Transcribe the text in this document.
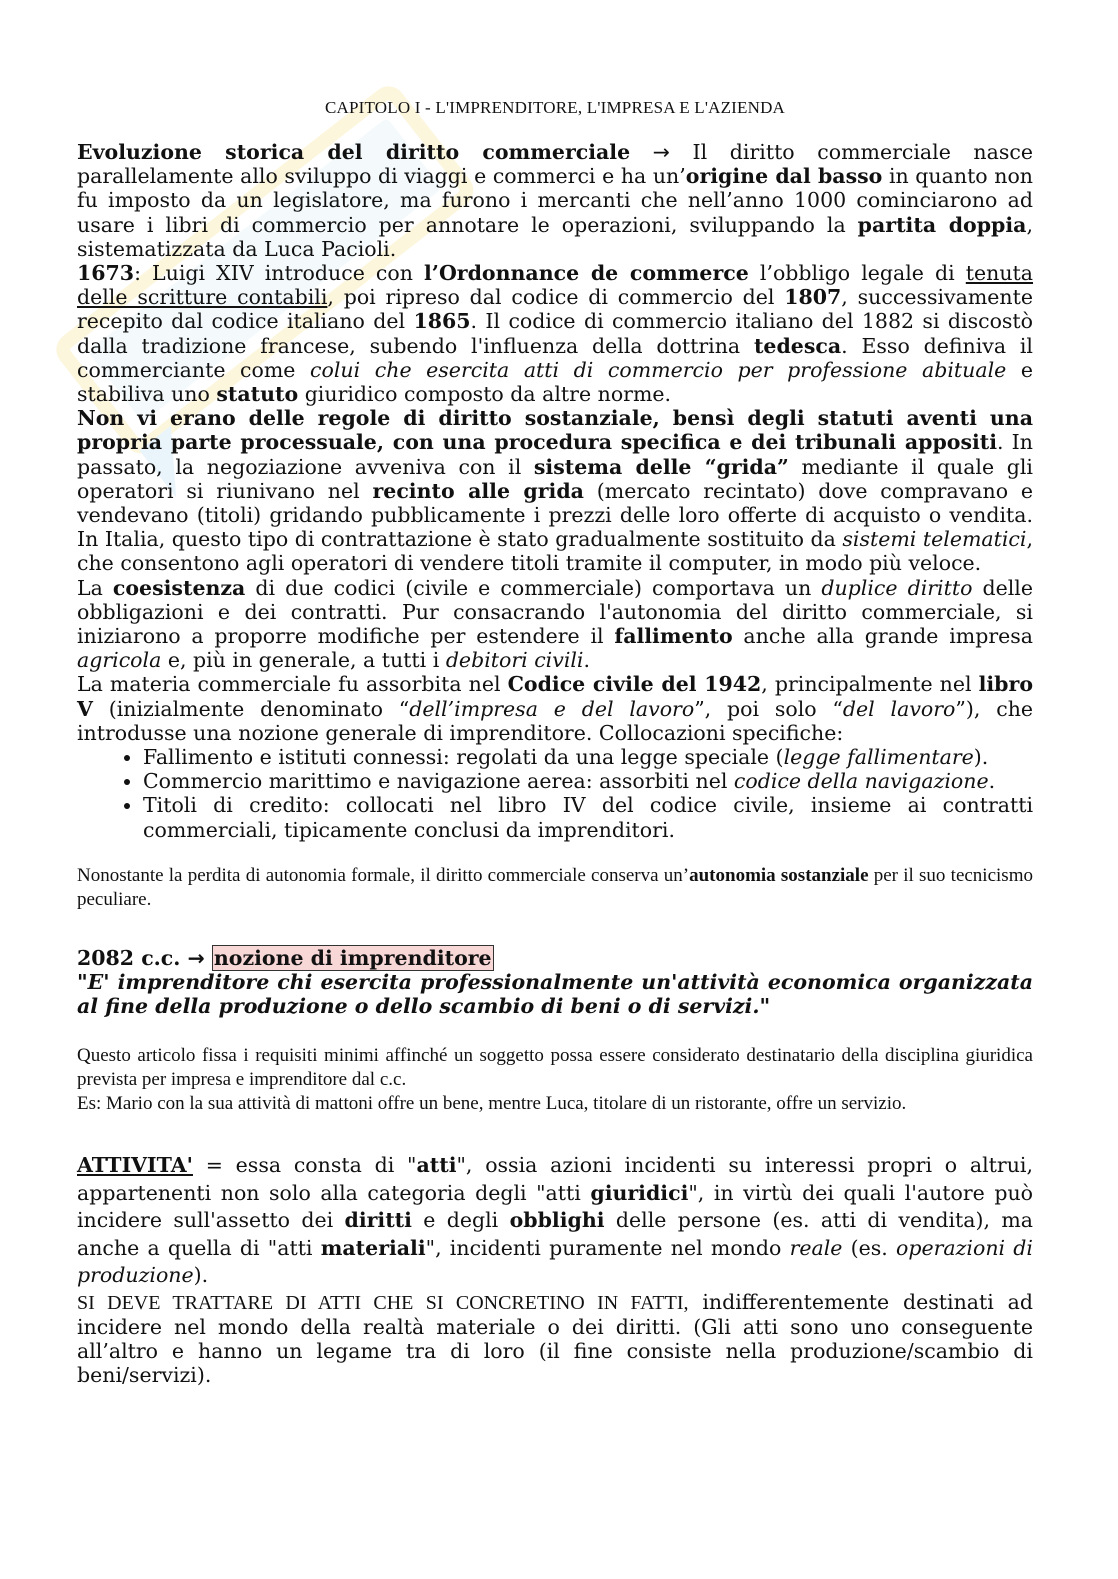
CAPITOLO I - L'IMPRENDITORE, L'IMPRESA E L'AZIENDA

Evoluzione storica del diritto commerciale → Il diritto commerciale nasce parallelamente allo sviluppo di viaggi e commerci e ha un’origine dal basso in quanto non fu imposto da un legislatore, ma furono i mercanti che nell’anno 1000 cominciarono ad usare i libri di commercio per annotare le operazioni, sviluppando la partita doppia, sistematizzata da Luca Pacioli.

1673: Luigi XIV introduce con l’Ordonnance de commerce l’obbligo legale di tenuta delle scritture contabili, poi ripreso dal codice di commercio del 1807, successivamente recepito dal codice italiano del 1865. Il codice di commercio italiano del 1882 si discostò dalla tradizione francese, subendo l'influenza della dottrina tedesca. Esso definiva il commerciante come colui che esercita atti di commercio per professione abituale e stabiliva uno statuto giuridico composto da altre norme.

Non vi erano delle regole di diritto sostanziale, bensì degli statuti aventi una propria parte processuale, con una procedura specifica e dei tribunali appositi. In passato, la negoziazione avveniva con il sistema delle “grida” mediante il quale gli operatori si riunivano nel recinto alle grida (mercato recintato) dove compravano e vendevano (titoli) gridando pubblicamente i prezzi delle loro offerte di acquisto o vendita. In Italia, questo tipo di contrattazione è stato gradualmente sostituito da sistemi telematici, che consentono agli operatori di vendere titoli tramite il computer, in modo più veloce.

La coesistenza di due codici (civile e commerciale) comportava un duplice diritto delle obbligazioni e dei contratti. Pur consacrando l'autonomia del diritto commerciale, si iniziarono a proporre modifiche per estendere il fallimento anche alla grande impresa agricola e, più in generale, a tutti i debitori civili.

La materia commerciale fu assorbita nel Codice civile del 1942, principalmente nel libro V (inizialmente denominato “dell’impresa e del lavoro”, poi solo “del lavoro”), che introdusse una nozione generale di imprenditore. Collocazioni specifiche:

• Fallimento e istituti connessi: regolati da una legge speciale (legge fallimentare).
• Commercio marittimo e navigazione aerea: assorbiti nel codice della navigazione.
• Titoli di credito: collocati nel libro IV del codice civile, insieme ai contratti commerciali, tipicamente conclusi da imprenditori.

Nonostante la perdita di autonomia formale, il diritto commerciale conserva un’autonomia sostanziale per il suo tecnicismo peculiare.

2082 c.c. → nozione di imprenditore

"E' imprenditore chi esercita professionalmente un'attività economica organizzata al fine della produzione o dello scambio di beni o di servizi."

Questo articolo fissa i requisiti minimi affinché un soggetto possa essere considerato destinatario della disciplina giuridica prevista per impresa e imprenditore dal c.c.

Es: Mario con la sua attività di mattoni offre un bene, mentre Luca, titolare di un ristorante, offre un servizio.

ATTIVITA' = essa consta di "atti", ossia azioni incidenti su interessi propri o altrui, appartenenti non solo alla categoria degli "atti giuridici", in virtù dei quali l'autore può incidere sull'assetto dei diritti e degli obblighi delle persone (es. atti di vendita), ma anche a quella di "atti materiali", incidenti puramente nel mondo reale (es. operazioni di produzione).

SI DEVE TRATTARE DI ATTI CHE SI CONCRETINO IN FATTI, indifferentemente destinati ad incidere nel mondo della realtà materiale o dei diritti. (Gli atti sono uno conseguente all’altro e hanno un legame tra di loro (il fine consiste nella produzione/scambio di beni/servizi).
